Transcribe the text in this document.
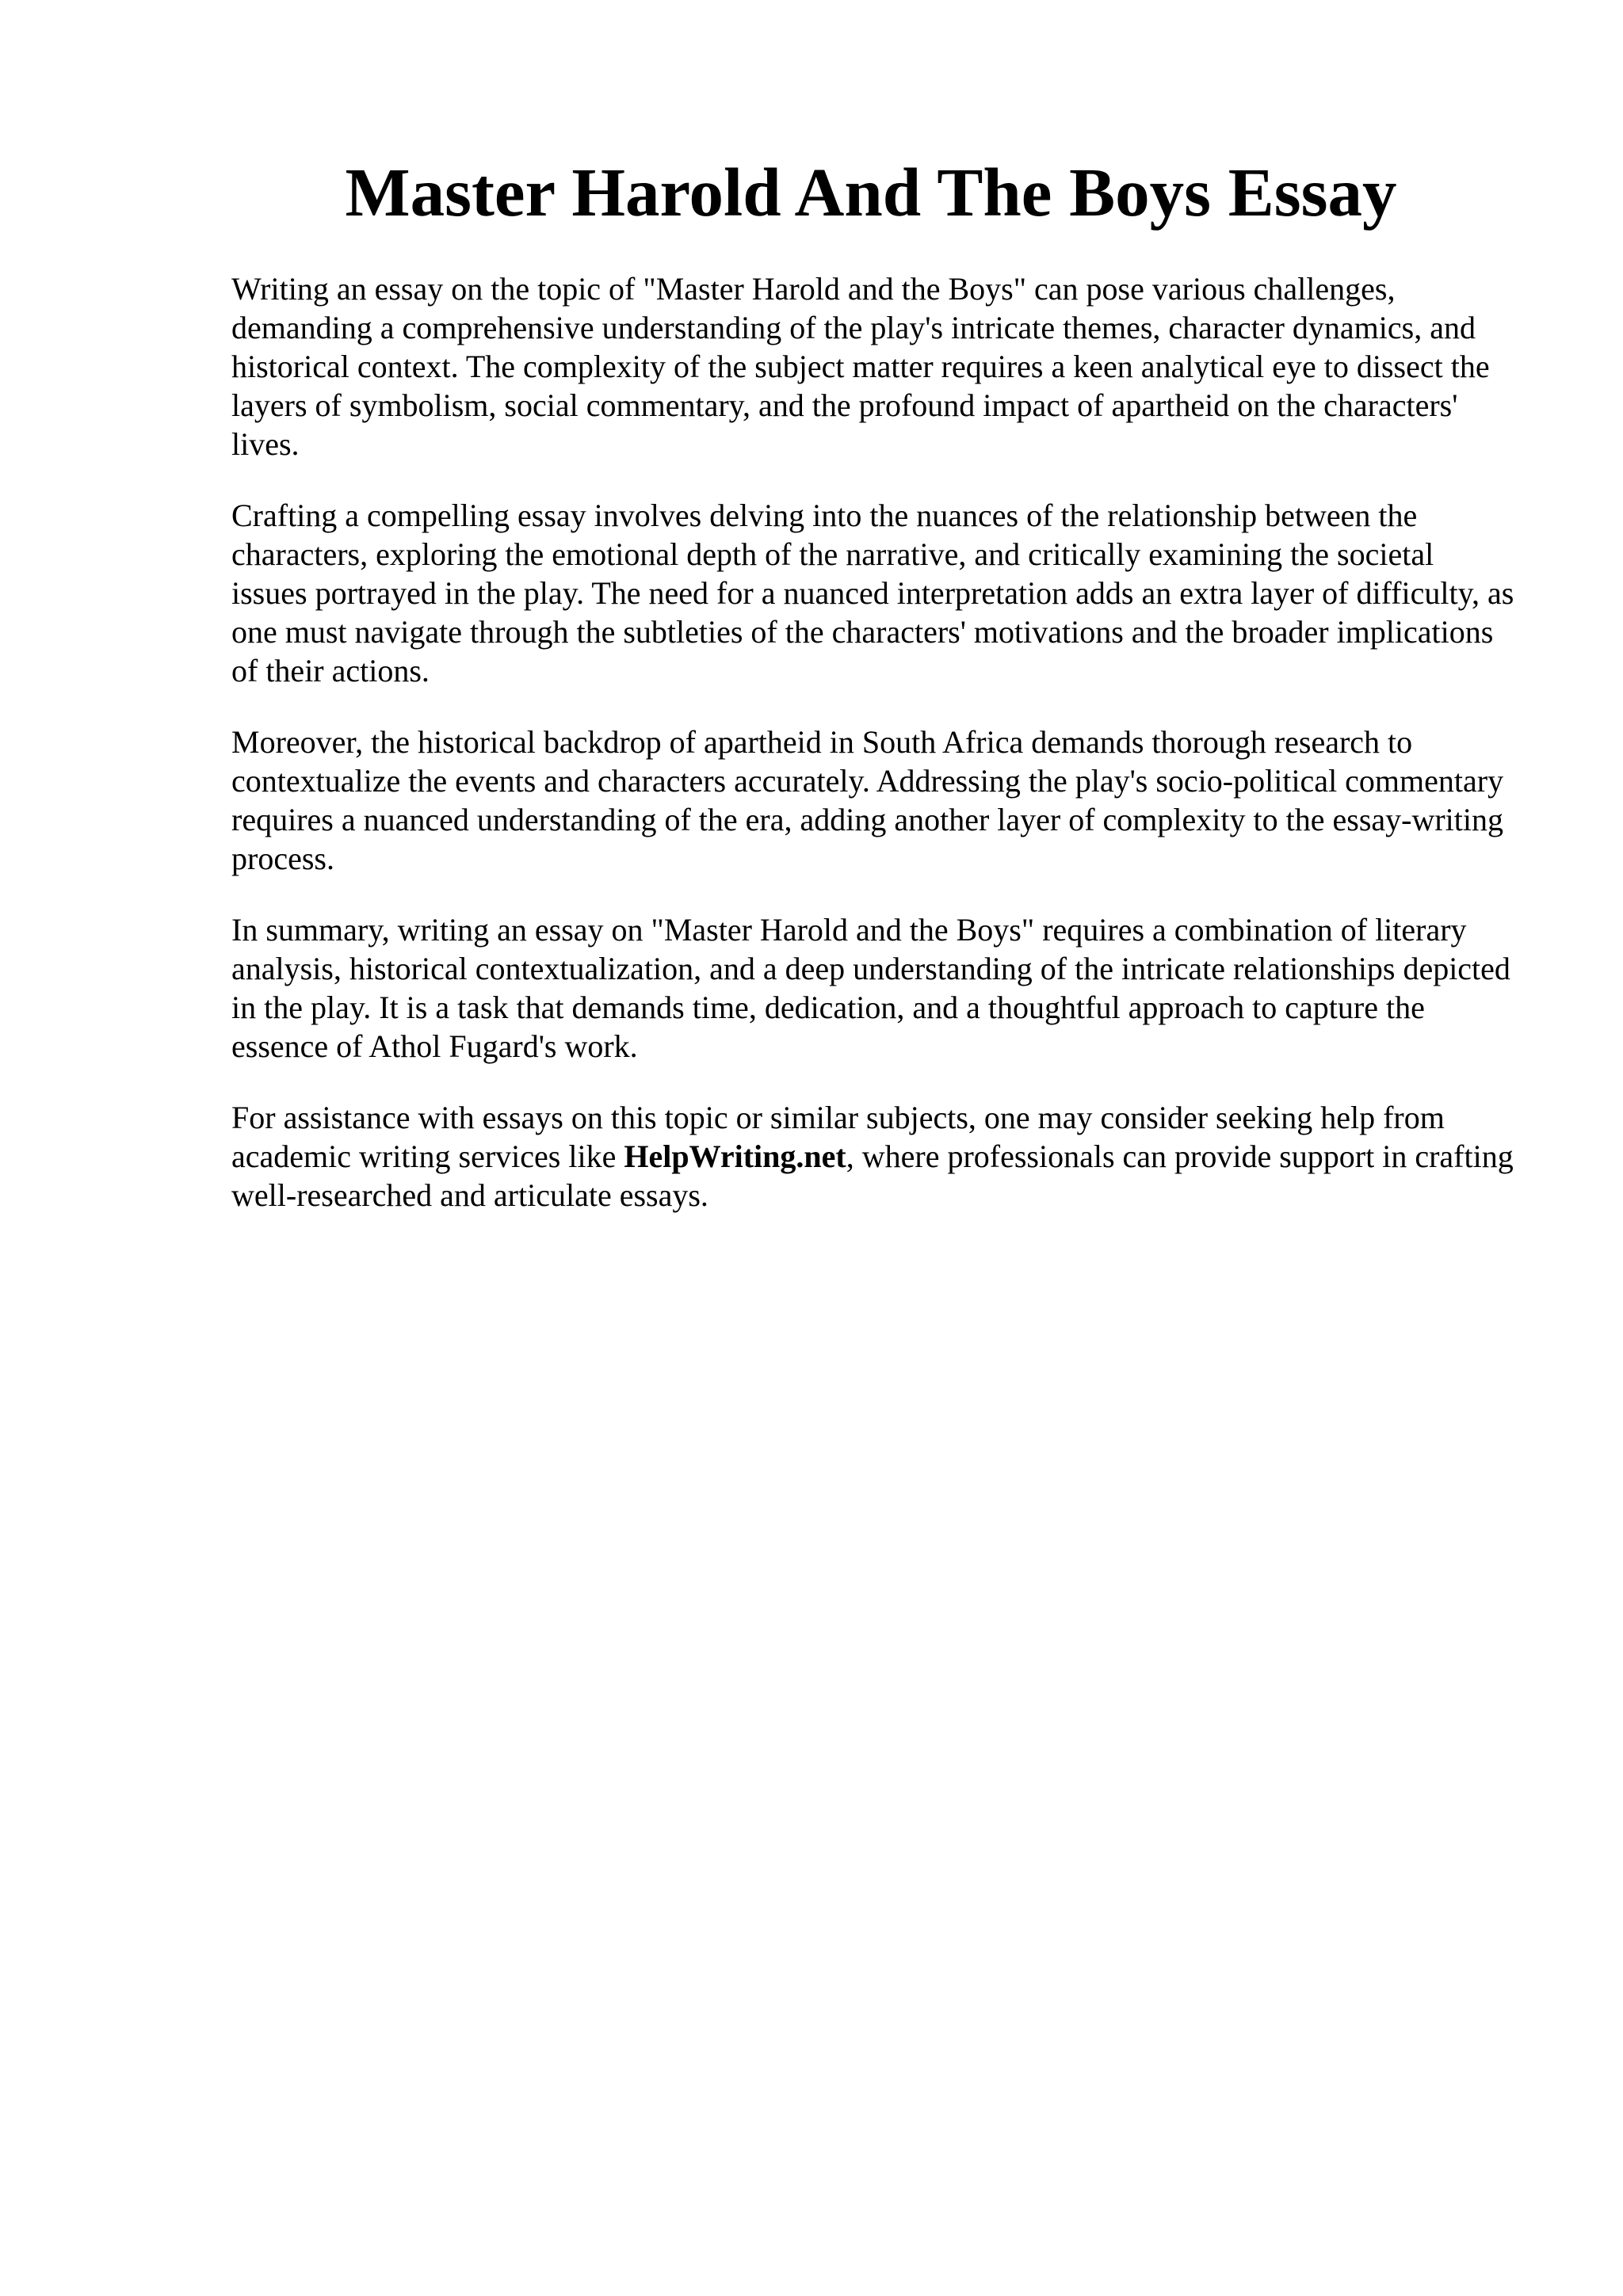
Master Harold And The Boys Essay

Writing an essay on the topic of "Master Harold and the Boys" can pose various challenges, demanding a comprehensive understanding of the play's intricate themes, character dynamics, and historical context. The complexity of the subject matter requires a keen analytical eye to dissect the layers of symbolism, social commentary, and the profound impact of apartheid on the characters' lives.

Crafting a compelling essay involves delving into the nuances of the relationship between the characters, exploring the emotional depth of the narrative, and critically examining the societal issues portrayed in the play. The need for a nuanced interpretation adds an extra layer of difficulty, as one must navigate through the subtleties of the characters' motivations and the broader implications of their actions.

Moreover, the historical backdrop of apartheid in South Africa demands thorough research to contextualize the events and characters accurately. Addressing the play's socio-political commentary requires a nuanced understanding of the era, adding another layer of complexity to the essay-writing process.

In summary, writing an essay on "Master Harold and the Boys" requires a combination of literary analysis, historical contextualization, and a deep understanding of the intricate relationships depicted in the play. It is a task that demands time, dedication, and a thoughtful approach to capture the essence of Athol Fugard's work.

For assistance with essays on this topic or similar subjects, one may consider seeking help from academic writing services like HelpWriting.net, where professionals can provide support in crafting well-researched and articulate essays.
